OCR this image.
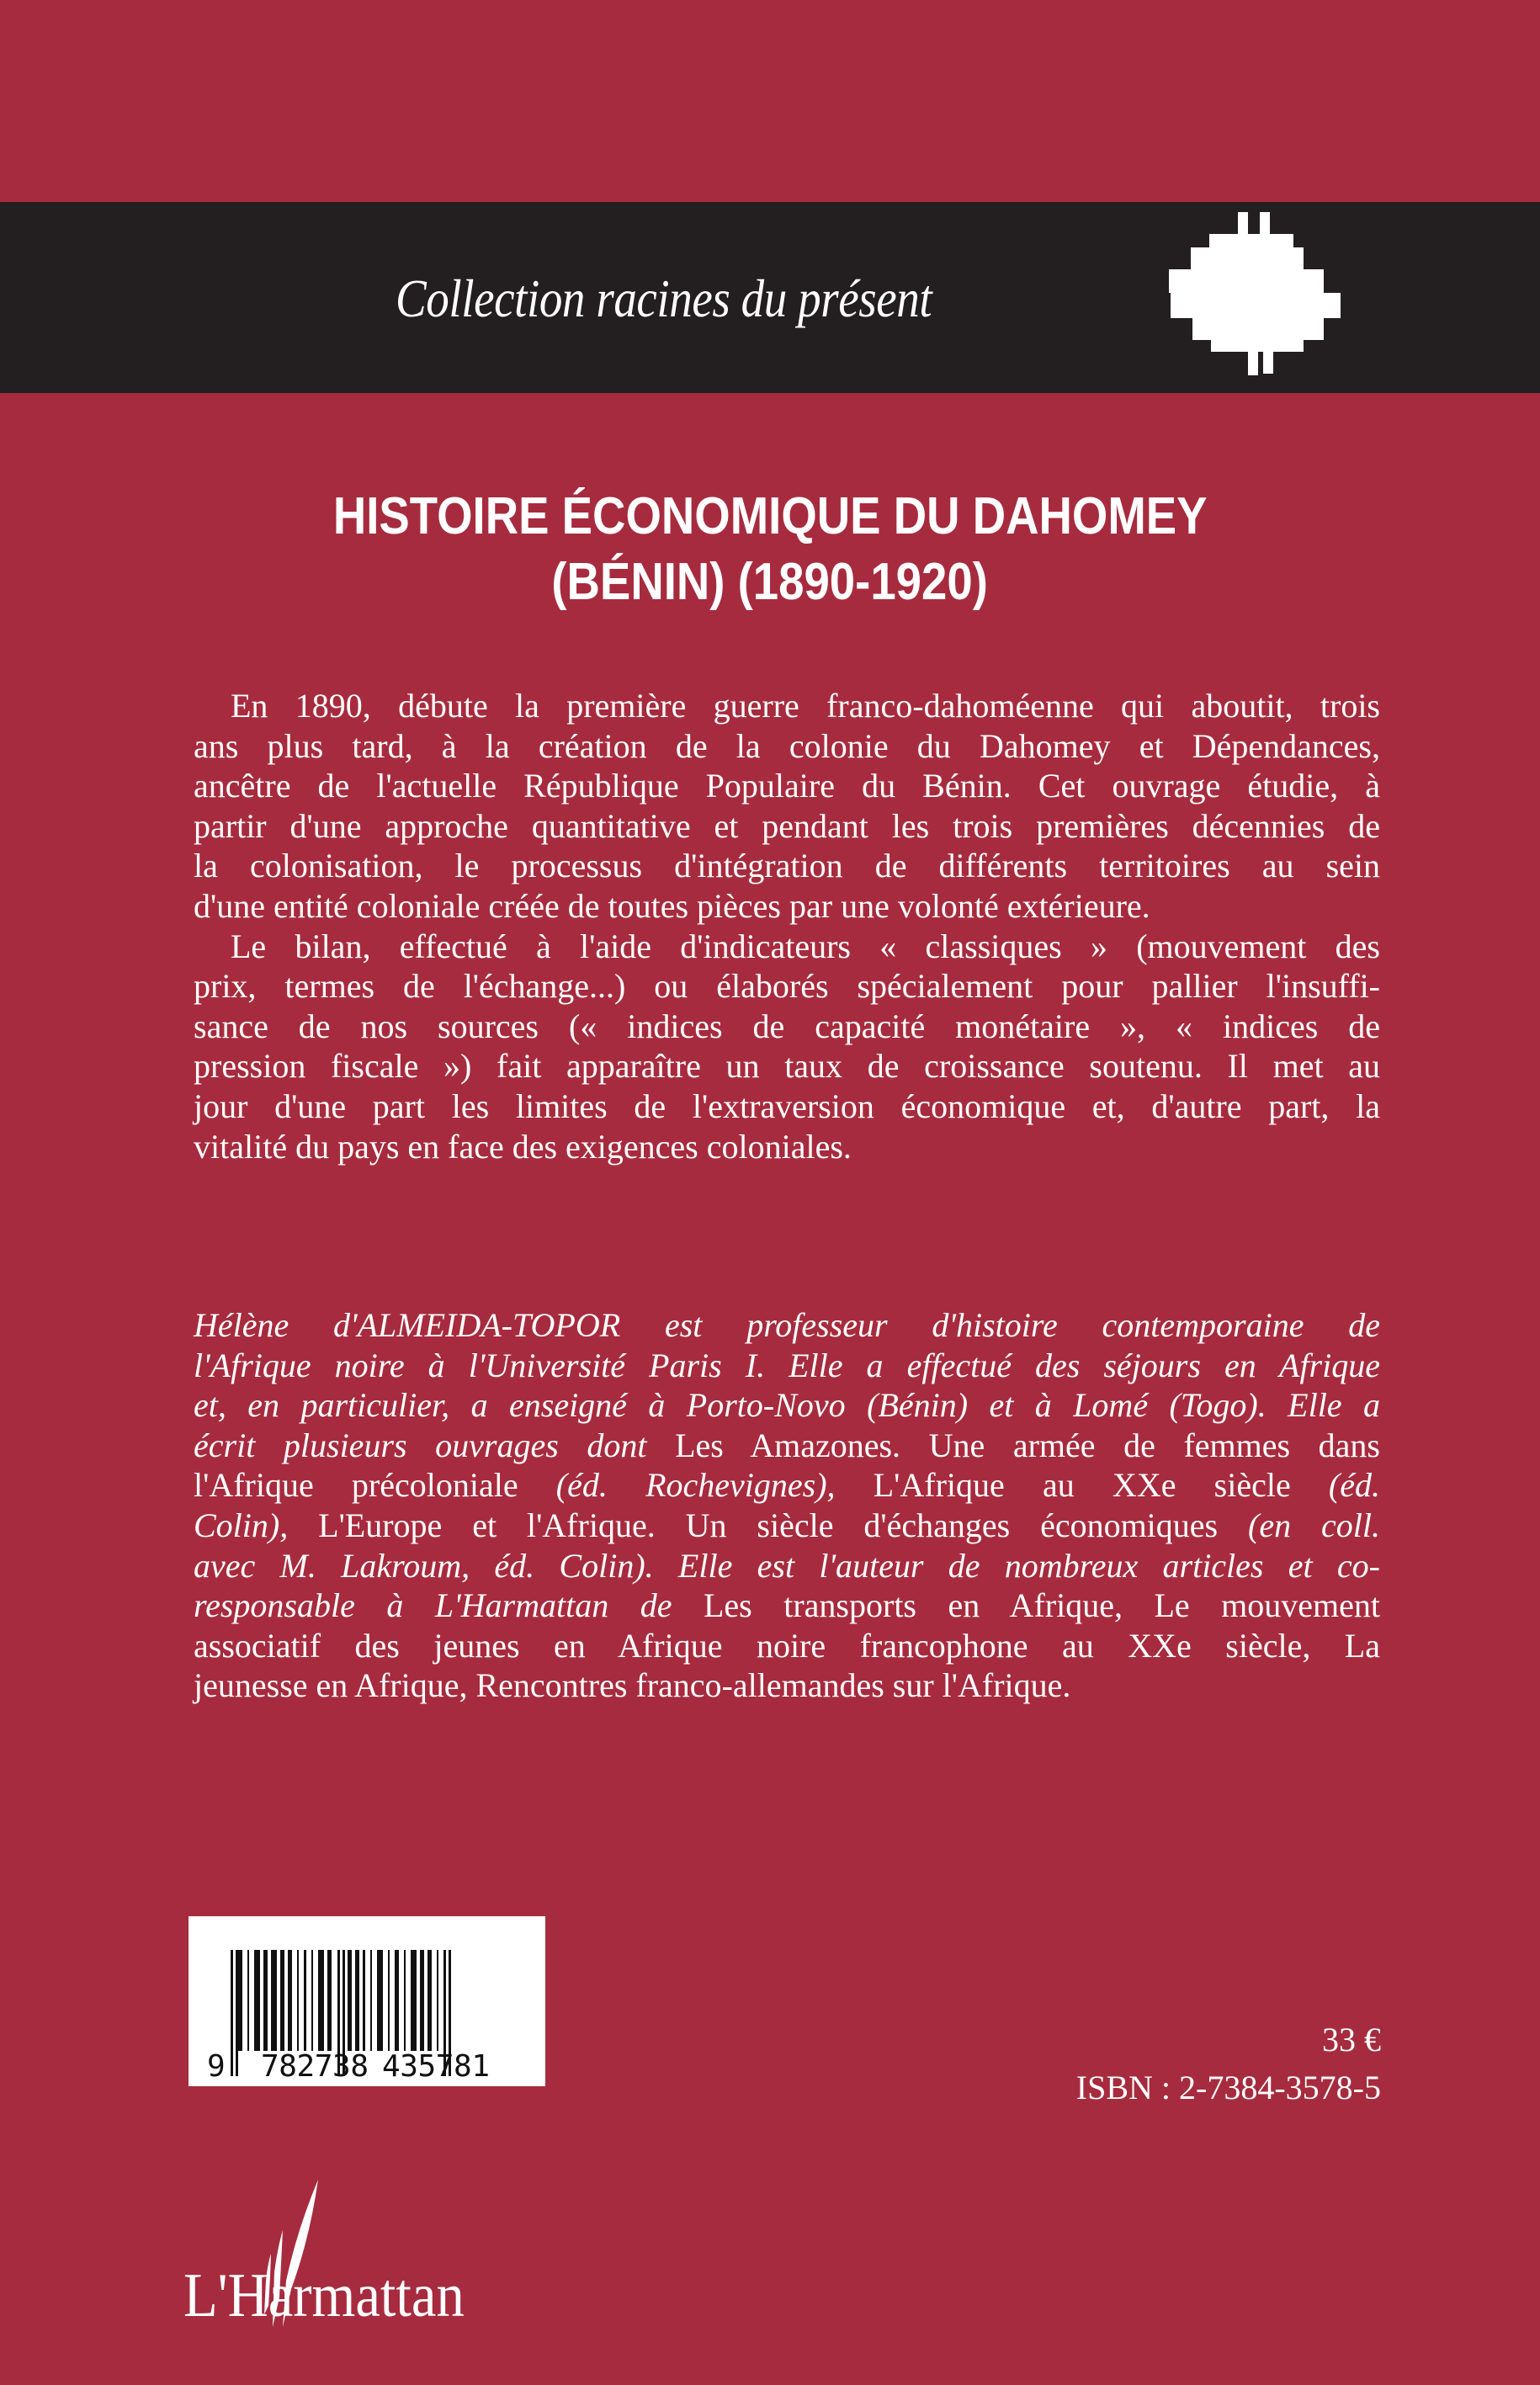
Collection racines du présent
HISTOIRE ÉCONOMIQUE DU DAHOMEY
(BÉNIN) (1890-1920)
En 1890, débute la première guerre franco-dahoméenne qui aboutit, trois
ans plus tard, à la création de la colonie du Dahomey et Dépendances,
ancêtre de l'actuelle République Populaire du Bénin. Cet ouvrage étudie, à
partir d'une approche quantitative et pendant les trois premières décennies de
la colonisation, le processus d'intégration de différents territoires au sein
d'une entité coloniale créée de toutes pièces par une volonté extérieure.
Le bilan, effectué à l'aide d'indicateurs « classiques » (mouvement des
prix, termes de l'échange...) ou élaborés spécialement pour pallier l'insuffi-
sance de nos sources (« indices de capacité monétaire », « indices de
pression fiscale ») fait apparaître un taux de croissance soutenu. Il met au
jour d'une part les limites de l'extraversion économique et, d'autre part, la
vitalité du pays en face des exigences coloniales.
Hélène d'ALMEIDA-TOPOR est professeur d'histoire contemporaine de
l'Afrique noire à l'Université Paris I. Elle a effectué des séjours en Afrique
et, en particulier, a enseigné à Porto-Novo (Bénin) et à Lomé (Togo). Elle a
écrit plusieurs ouvrages dont Les Amazones. Une armée de femmes dans
l'Afrique précoloniale (éd. Rochevignes), L'Afrique au XXe siècle (éd.
Colin), L'Europe et l'Afrique. Un siècle d'échanges économiques (en coll.
avec M. Lakroum, éd. Colin). Elle est l'auteur de nombreux articles et co-
responsable à L'Harmattan de Les transports en Afrique, Le mouvement
associatif des jeunes en Afrique noire francophone au XXe siècle, La
jeunesse en Afrique, Rencontres franco-allemandes sur l'Afrique.
9 782738 435781
33 €
ISBN : 2-7384-3578-5
L'Harmattan
